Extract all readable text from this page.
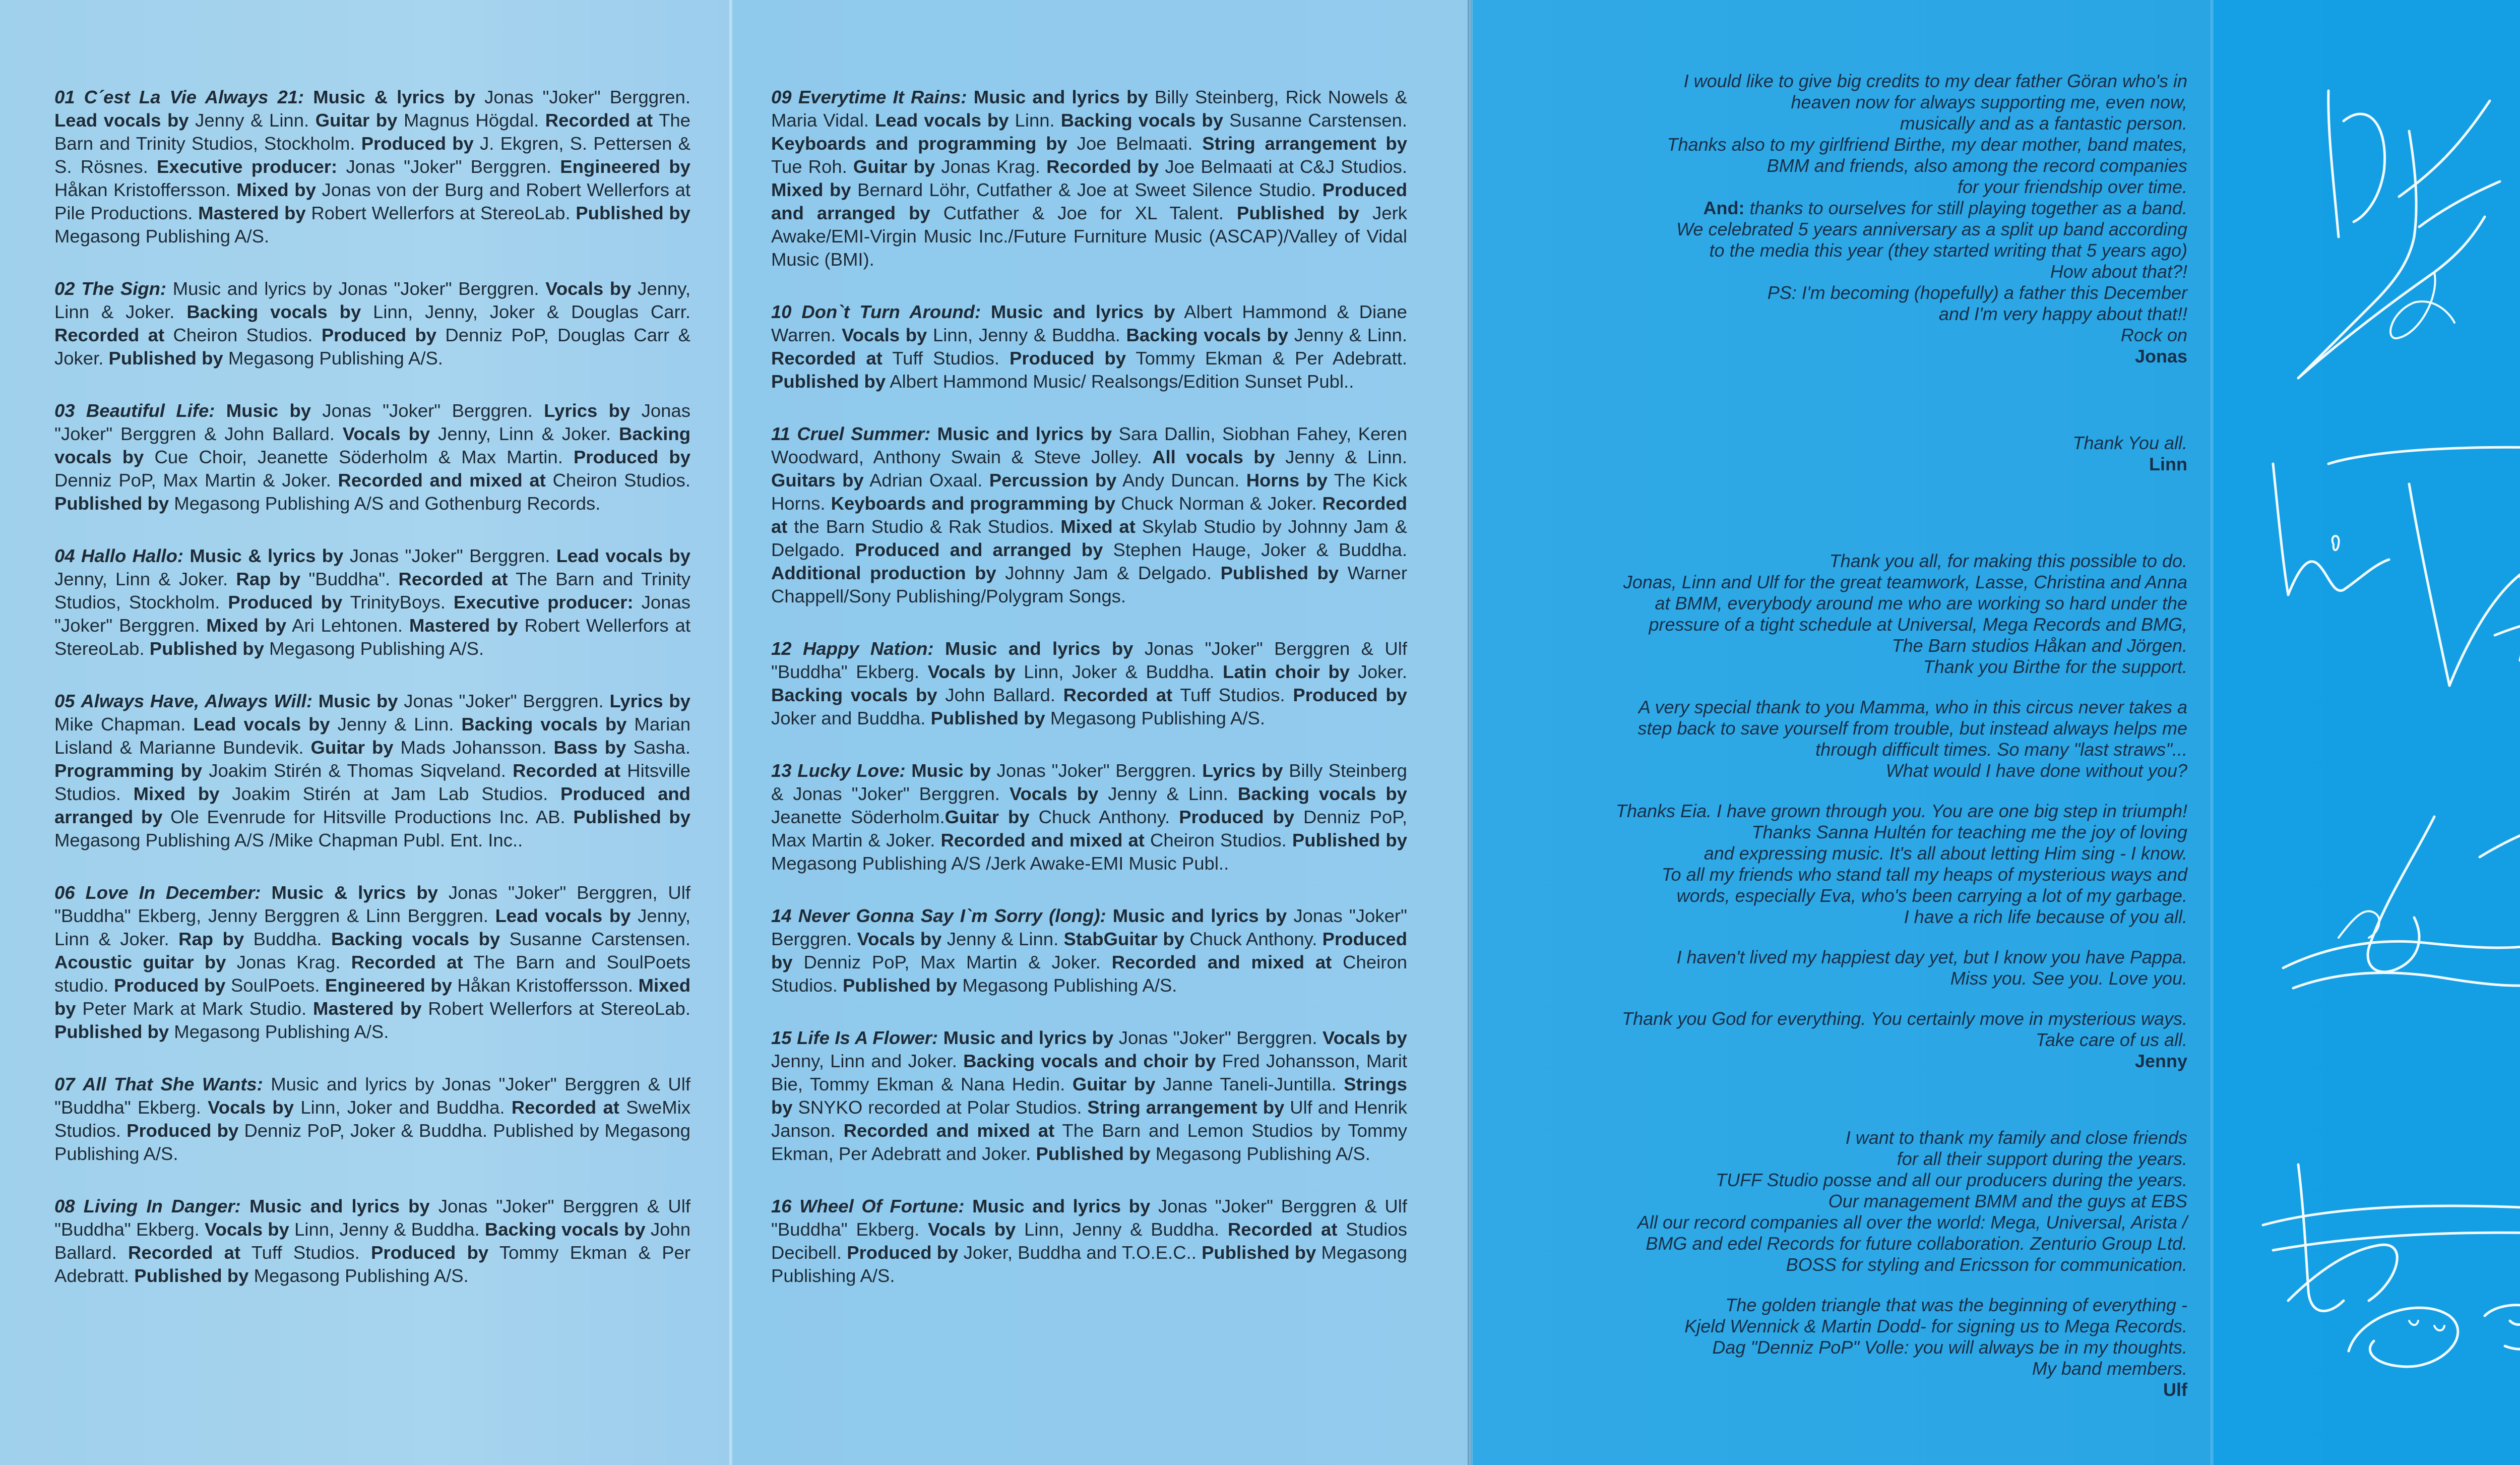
01 C´est La Vie Always 21: Music & lyrics by Jonas "Joker" Berggren. Lead vocals by Jenny & Linn. Guitar by Magnus Högdal. Recorded at The Barn and Trinity Studios, Stockholm. Produced by J. Ekgren, S. Pettersen & S. Rösnes. Executive producer: Jonas "Joker" Berggren. Engineered by Håkan Kristoffersson. Mixed by Jonas von der Burg and Robert Wellerfors at Pile Productions. Mastered by Robert Wellerfors at StereoLab. Published by Megasong Publishing A/S.

02 The Sign: Music and lyrics by Jonas "Joker" Berggren. Vocals by Jenny, Linn & Joker. Backing vocals by Linn, Jenny, Joker & Douglas Carr. Recorded at Cheiron Studios. Produced by Denniz PoP, Douglas Carr & Joker. Published by Megasong Publishing A/S.

03 Beautiful Life: Music by Jonas "Joker" Berggren. Lyrics by Jonas "Joker" Berggren & John Ballard. Vocals by Jenny, Linn & Joker. Backing vocals by Cue Choir, Jeanette Söderholm & Max Martin. Produced by Denniz PoP, Max Martin & Joker. Recorded and mixed at Cheiron Studios. Published by Megasong Publishing A/S and Gothenburg Records.

04 Hallo Hallo: Music & lyrics by Jonas "Joker" Berggren. Lead vocals by Jenny, Linn & Joker. Rap by "Buddha". Recorded at The Barn and Trinity Studios, Stockholm. Produced by TrinityBoys. Executive producer: Jonas "Joker" Berggren. Mixed by Ari Lehtonen. Mastered by Robert Wellerfors at StereoLab. Published by Megasong Publishing A/S.

05 Always Have, Always Will: Music by Jonas "Joker" Berggren. Lyrics by Mike Chapman. Lead vocals by Jenny & Linn. Backing vocals by Marian Lisland & Marianne Bundevik. Guitar by Mads Johansson. Bass by Sasha. Programming by Joakim Stirén & Thomas Siqveland. Recorded at Hitsville Studios. Mixed by Joakim Stirén at Jam Lab Studios. Produced and arranged by Ole Evenrude for Hitsville Productions Inc. AB. Published by Megasong Publishing A/S /Mike Chapman Publ. Ent. Inc..

06 Love In December: Music & lyrics by Jonas "Joker" Berggren, Ulf "Buddha" Ekberg, Jenny Berggren & Linn Berggren. Lead vocals by Jenny, Linn & Joker. Rap by Buddha. Backing vocals by Susanne Carstensen. Acoustic guitar by Jonas Krag. Recorded at The Barn and SoulPoets studio. Produced by SoulPoets. Engineered by Håkan Kristoffersson. Mixed by Peter Mark at Mark Studio. Mastered by Robert Wellerfors at StereoLab. Published by Megasong Publishing A/S.

07 All That She Wants: Music and lyrics by Jonas "Joker" Berggren & Ulf "Buddha" Ekberg. Vocals by Linn, Joker and Buddha. Recorded at SweMix Studios. Produced by Denniz PoP, Joker & Buddha. Published by Megasong Publishing A/S.

08 Living In Danger: Music and lyrics by Jonas "Joker" Berggren & Ulf "Buddha" Ekberg. Vocals by Linn, Jenny & Buddha. Backing vocals by John Ballard. Recorded at Tuff Studios. Produced by Tommy Ekman & Per Adebratt. Published by Megasong Publishing A/S.

09 Everytime It Rains: Music and lyrics by Billy Steinberg, Rick Nowels & Maria Vidal. Lead vocals by Linn. Backing vocals by Susanne Carstensen. Keyboards and programming by Joe Belmaati. String arrangement by Tue Roh. Guitar by Jonas Krag. Recorded by Joe Belmaati at C&J Studios. Mixed by Bernard Löhr, Cutfather & Joe at Sweet Silence Studio. Produced and arranged by Cutfather & Joe for XL Talent. Published by Jerk Awake/EMI-Virgin Music Inc./Future Furniture Music (ASCAP)/Valley of Vidal Music (BMI).

10 Don`t Turn Around: Music and lyrics by Albert Hammond & Diane Warren. Vocals by Linn, Jenny & Buddha. Backing vocals by Jenny & Linn. Recorded at Tuff Studios. Produced by Tommy Ekman & Per Adebratt. Published by Albert Hammond Music/ Realsongs/Edition Sunset Publ..

11 Cruel Summer: Music and lyrics by Sara Dallin, Siobhan Fahey, Keren Woodward, Anthony Swain & Steve Jolley. All vocals by Jenny & Linn. Guitars by Adrian Oxaal. Percussion by Andy Duncan. Horns by The Kick Horns. Keyboards and programming by Chuck Norman & Joker. Recorded at the Barn Studio & Rak Studios. Mixed at Skylab Studio by Johnny Jam & Delgado. Produced and arranged by Stephen Hauge, Joker & Buddha. Additional production by Johnny Jam & Delgado. Published by Warner Chappell/Sony Publishing/Polygram Songs.

12 Happy Nation: Music and lyrics by Jonas "Joker" Berggren & Ulf "Buddha" Ekberg. Vocals by Linn, Joker & Buddha. Latin choir by Joker. Backing vocals by John Ballard. Recorded at Tuff Studios. Produced by Joker and Buddha. Published by Megasong Publishing A/S.

13 Lucky Love: Music by Jonas "Joker" Berggren. Lyrics by Billy Steinberg & Jonas "Joker" Berggren. Vocals by Jenny & Linn. Backing vocals by Jeanette Söderholm.Guitar by Chuck Anthony. Produced by Denniz PoP, Max Martin & Joker. Recorded and mixed at Cheiron Studios. Published by Megasong Publishing A/S /Jerk Awake-EMI Music Publ..

14 Never Gonna Say I`m Sorry (long): Music and lyrics by Jonas "Joker" Berggren. Vocals by Jenny & Linn. StabGuitar by Chuck Anthony. Produced by Denniz PoP, Max Martin & Joker. Recorded and mixed at Cheiron Studios. Published by Megasong Publishing A/S.

15 Life Is A Flower: Music and lyrics by Jonas "Joker" Berggren. Vocals by Jenny, Linn and Joker. Backing vocals and choir by Fred Johansson, Marit Bie, Tommy Ekman & Nana Hedin. Guitar by Janne Taneli-Juntilla. Strings by SNYKO recorded at Polar Studios. String arrangement by Ulf and Henrik Janson. Recorded and mixed at The Barn and Lemon Studios by Tommy Ekman, Per Adebratt and Joker. Published by Megasong Publishing A/S.

16 Wheel Of Fortune: Music and lyrics by Jonas "Joker" Berggren & Ulf "Buddha" Ekberg. Vocals by Linn, Jenny & Buddha. Recorded at Studios Decibell. Produced by Joker, Buddha and T.O.E.C.. Published by Megasong Publishing A/S.

I would like to give big credits to my dear father Göran who's in
heaven now for always supporting me, even now,
musically and as a fantastic person.
Thanks also to my girlfriend Birthe, my dear mother, band mates,
BMM and friends, also among the record companies
for your friendship over time.
And: thanks to ourselves for still playing together as a band.
We celebrated 5 years anniversary as a split up band according
to the media this year (they started writing that 5 years ago)
How about that?!
PS: I'm becoming (hopefully) a father this December
and I'm very happy about that!!
Rock on
Jonas
Thank You all.
Linn
Thank you all, for making this possible to do.
Jonas, Linn and Ulf for the great teamwork, Lasse, Christina and Anna
at BMM, everybody around me who are working so hard under the
pressure of a tight schedule at Universal, Mega Records and BMG,
The Barn studios Håkan and Jörgen.
Thank you Birthe for the support.
A very special thank to you Mamma, who in this circus never takes a
step back to save yourself from trouble, but instead always helps me
through difficult times. So many "last straws"...
What would I have done without you?
Thanks Eia. I have grown through you. You are one big step in triumph!
Thanks Sanna Hultén for teaching me the joy of loving
and expressing music. It's all about letting Him sing - I know.
To all my friends who stand tall my heaps of mysterious ways and
words, especially Eva, who's been carrying a lot of my garbage.
I have a rich life because of you all.
I haven't lived my happiest day yet, but I know you have Pappa.
Miss you. See you. Love you.
Thank you God for everything. You certainly move in mysterious ways.
Take care of us all.
Jenny
I want to thank my family and close friends
for all their support during the years.
TUFF Studio posse and all our producers during the years.
Our management BMM and the guys at EBS
All our record companies all over the world: Mega, Universal, Arista /
BMG and edel Records for future collaboration. Zenturio Group Ltd.
BOSS for styling and Ericsson for communication.
The golden triangle that was the beginning of everything -
Kjeld Wennick & Martin Dodd- for signing us to Mega Records.
Dag "Denniz PoP" Volle: you will always be in my thoughts.
My band members.
Ulf
